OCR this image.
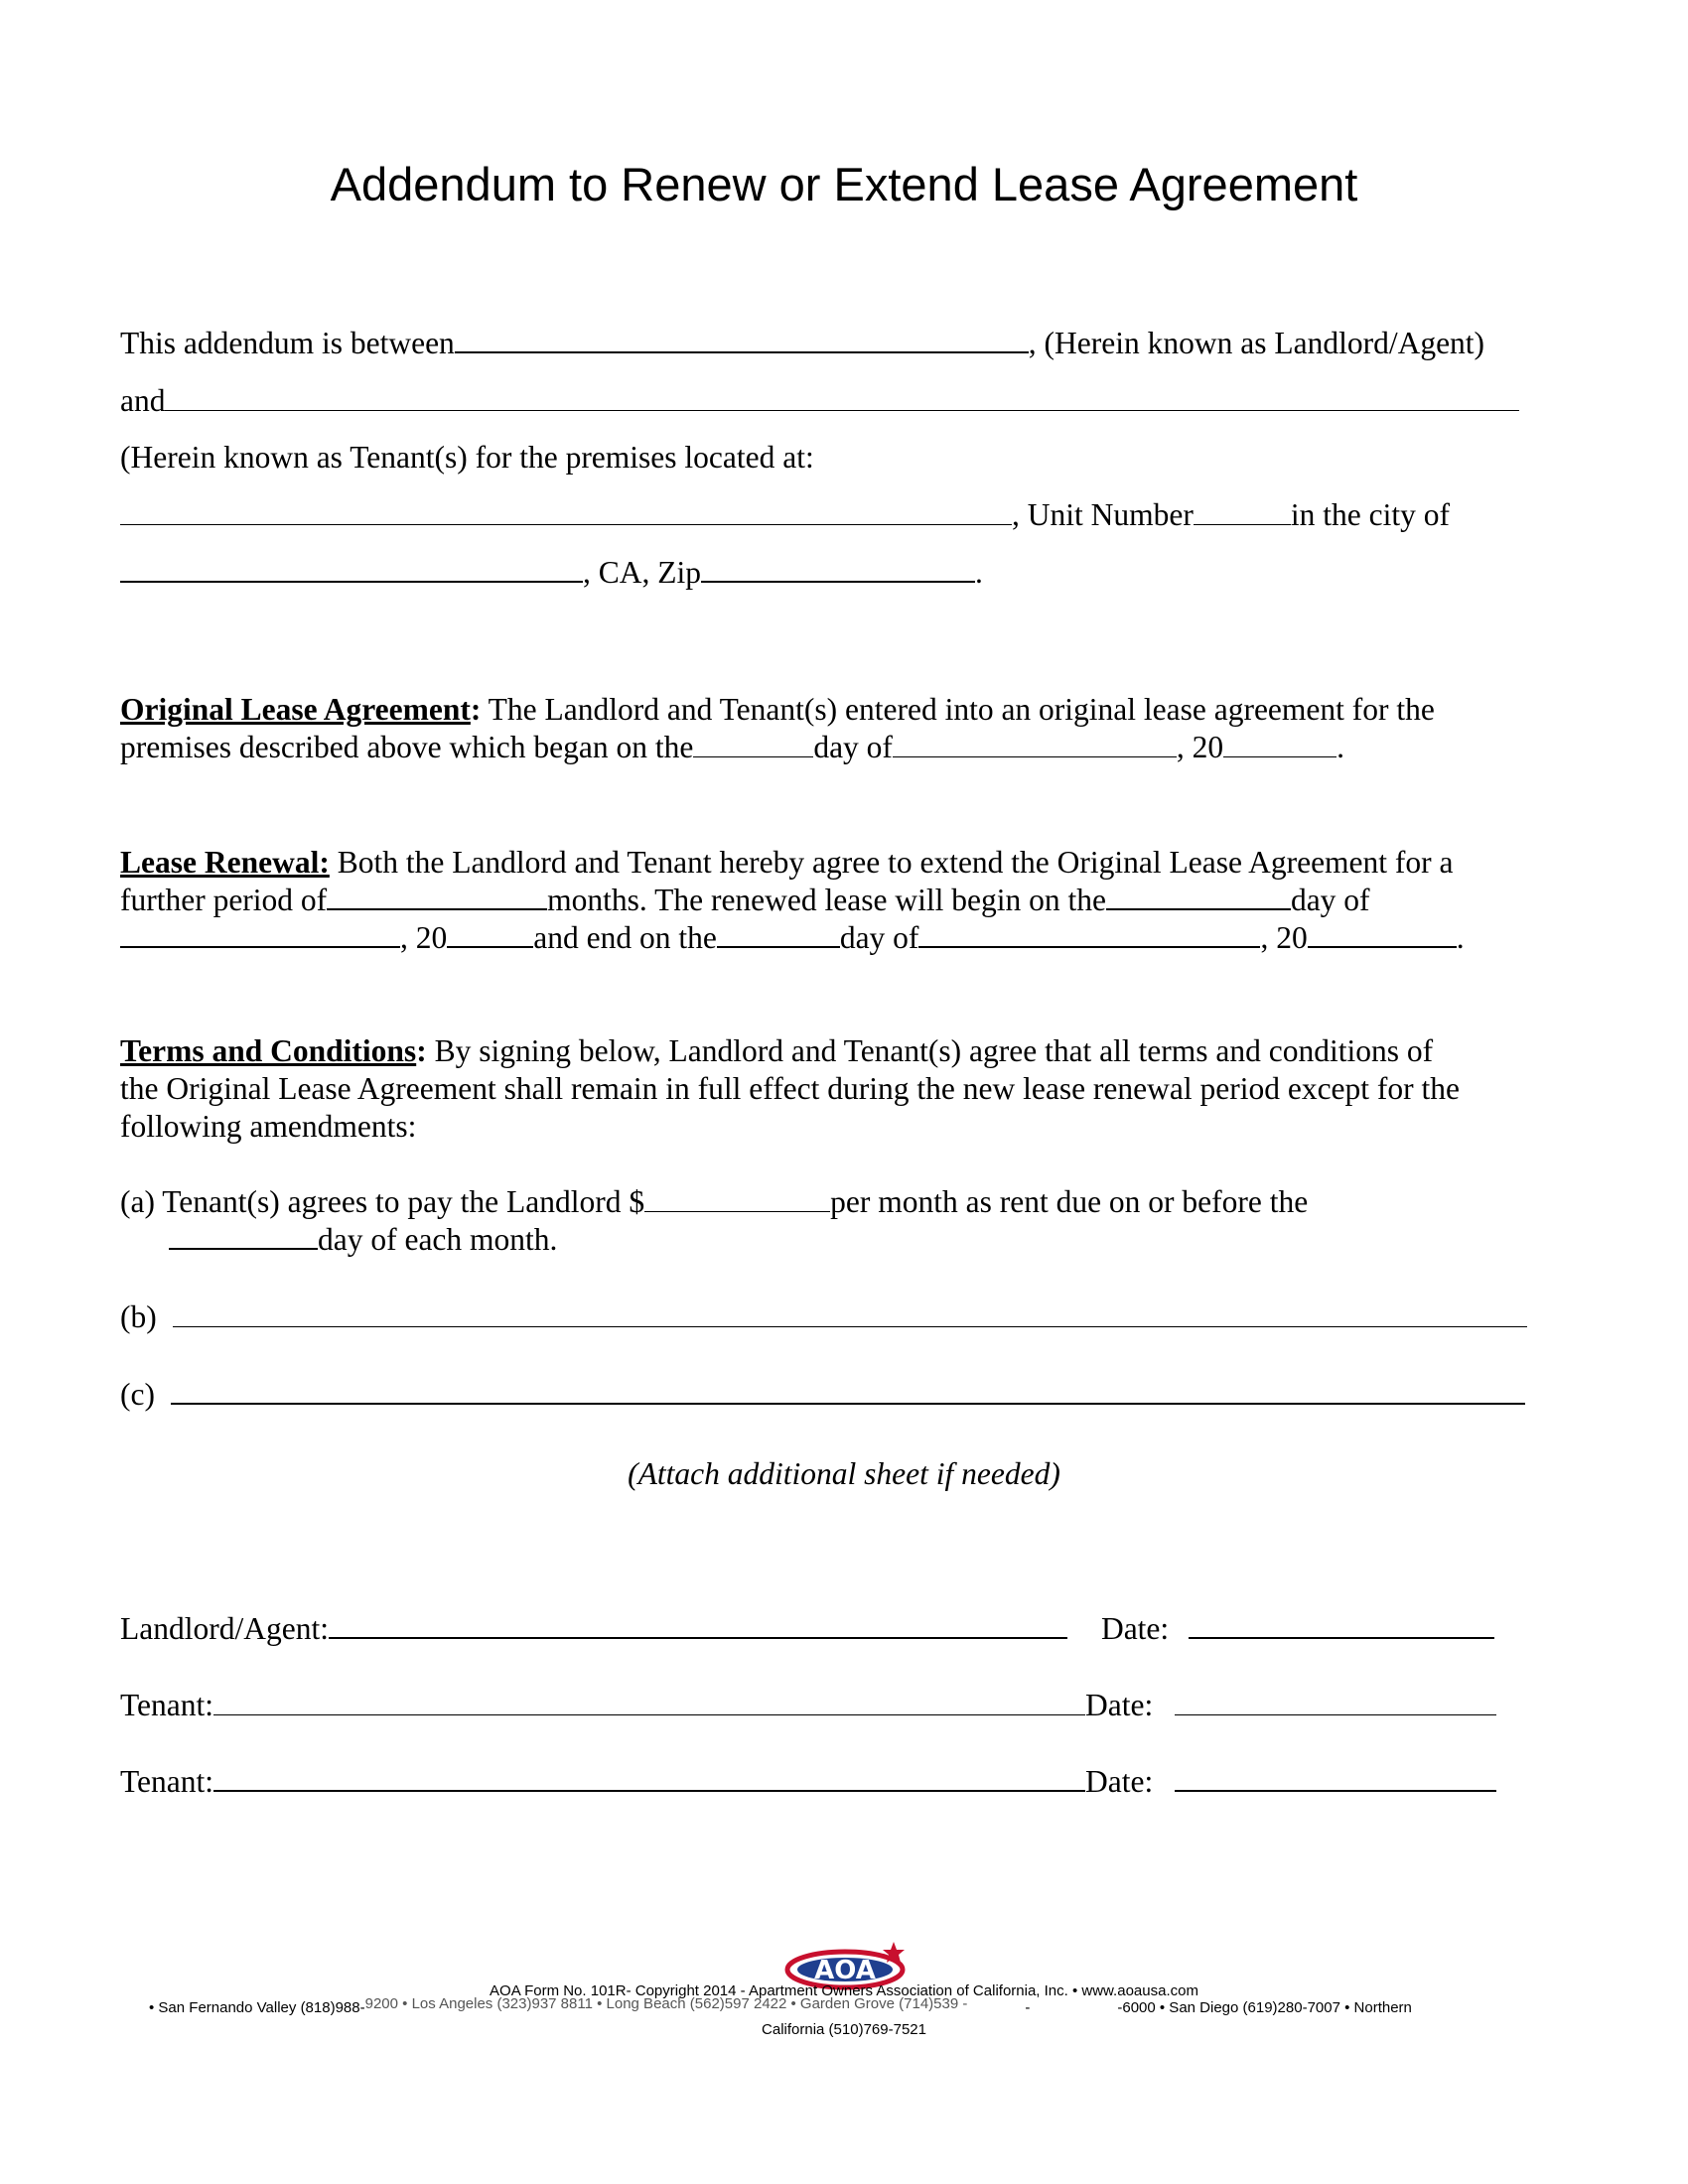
Addendum to Renew or Extend Lease Agreement
This addendum is between	, (Herein known as Landlord/Agent)
and
(Herein known as Tenant(s) for the premises located at:
, Unit Number	in the city of
, CA, Zip	.
Original Lease Agreement: The Landlord and Tenant(s) entered into an original lease agreement for the
premises described above which began on the	day of	, 20	.
Lease Renewal: Both the Landlord and Tenant hereby agree to extend the Original Lease Agreement for a
further period of	months. The renewed lease will begin on the	day of
, 20	and end on the	day of	, 20	.
Terms and Conditions: By signing below, Landlord and Tenant(s) agree that all terms and conditions of
the Original Lease Agreement shall remain in full effect during the new lease renewal period except for the
following amendments:
(a) Tenant(s) agrees to pay the Landlord $	per month as rent due on or before the
day of each month.
(b)
(c)
(Attach additional sheet if needed)
Landlord/Agent:	Date:
Tenant:	Date:
Tenant:	Date:
AOA
AOA Form No. 101R- Copyright 2014 - Apartment Owners Association of California, Inc. • www.aoausa.com
• San Fernando Valley (818)988-9200 • Los Angeles (323)937 8811 • Long Beach (562)597 2422 • Garden Grove (714)539 -	-	-6000 • San Diego (619)280-7007 • Northern
California (510)769-7521
